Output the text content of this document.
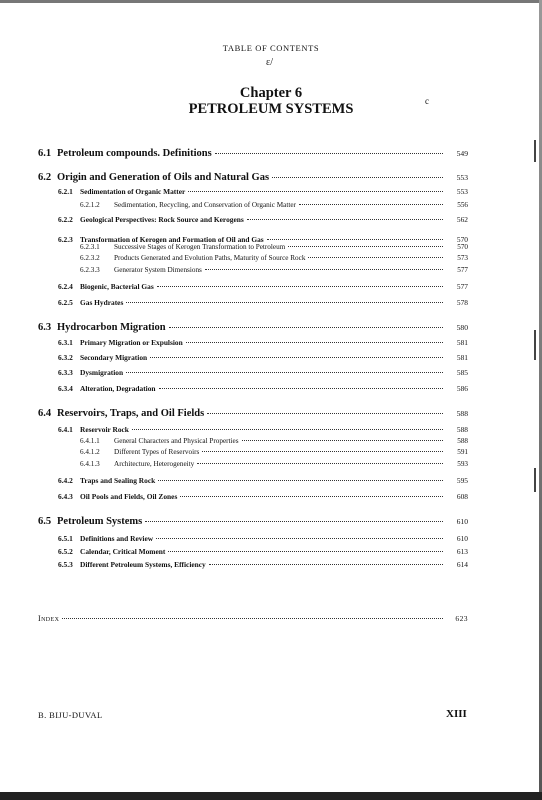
TABLE OF CONTENTS
ɛ/
Chapter 6
PETROLEUM SYSTEMS	c
6.1 Petroleum compounds. Definitions	549
6.2 Origin and Generation of Oils and Natural Gas	553
6.2.1 Sedimentation of Organic Matter	553
6.2.1.2	Sedimentation, Recycling, and Conservation of Organic Matter	556
6.2.2 Geological Perspectives: Rock Source and Kerogens	562
6.2.3 Transformation of Kerogen and Formation of Oil and Gas	570
6.2.3.1	Successive Stages of Kerogen Transformation to Petroleum	570
6.2.3.2	Products Generated and Evolution Paths, Maturity of Source Rock	573
6.2.3.3	Generator System Dimensions	577
6.2.4 Biogenic, Bacterial Gas	577
6.2.5 Gas Hydrates	578
6.3 Hydrocarbon Migration	580
6.3.1 Primary Migration or Expulsion	581
6.3.2 Secondary Migration	581
6.3.3 Dysmigration	585
6.3.4 Alteration, Degradation	586
6.4 Reservoirs, Traps, and Oil Fields	588
6.4.1 Reservoir Rock	588
6.4.1.1	General Characters and Physical Properties	588
6.4.1.2	Different Types of Reservoirs	591
6.4.1.3	Architecture, Heterogeneity	593
6.4.2 Traps and Sealing Rock	595
6.4.3 Oil Pools and Fields, Oil Zones	608
6.5 Petroleum Systems	610
6.5.1 Definitions and Review	610
6.5.2 Calendar, Critical Moment	613
6.5.3 Different Petroleum Systems, Efficiency	614
Index	623
B. BIJU-DUVAL	XIII
